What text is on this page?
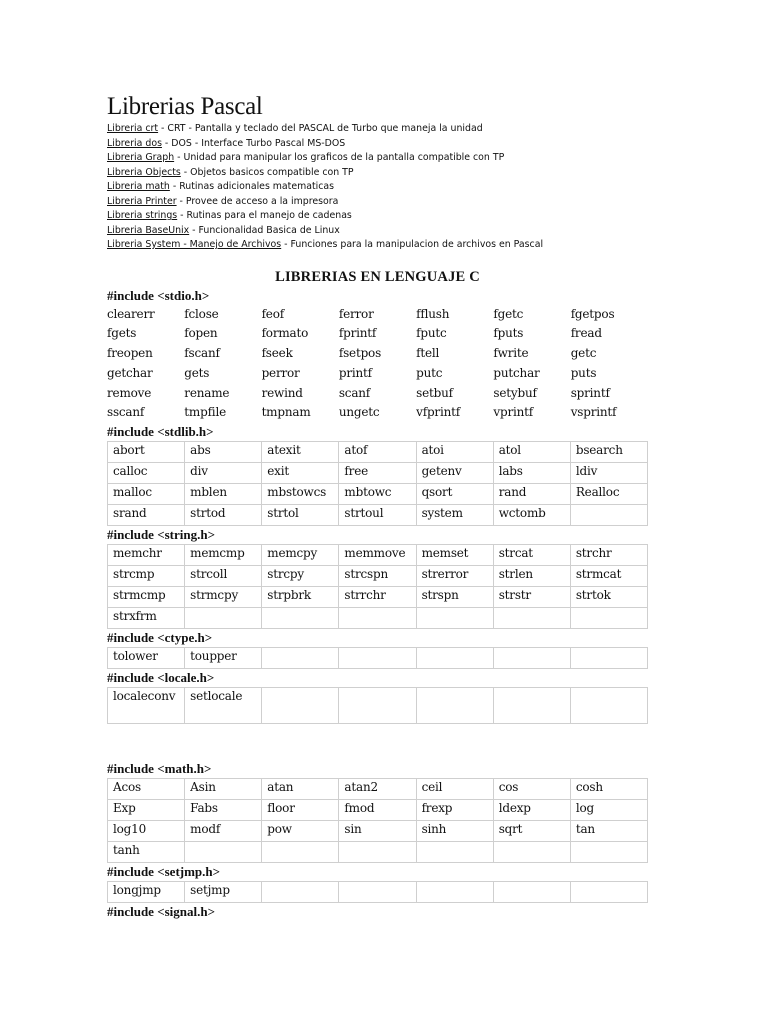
Librerias Pascal
Libreria crt - CRT - Pantalla y teclado del PASCAL de Turbo que maneja la unidad
Libreria dos - DOS - Interface Turbo Pascal MS-DOS
Libreria Graph - Unidad para manipular los graficos de la pantalla compatible con TP
Libreria Objects - Objetos basicos compatible con TP
Libreria math - Rutinas adicionales matematicas
Libreria Printer - Provee de acceso a la impresora
Libreria strings - Rutinas para el manejo de cadenas
Libreria BaseUnix - Funcionalidad Basica de Linux
Libreria System - Manejo de Archivos - Funciones para la manipulacion de archivos en Pascal
LIBRERIAS EN LENGUAJE C
#include <stdio.h>
clearerr	fclose	feof	ferror	fflush	fgetc	fgetpos
fgets	fopen	formato	fprintf	fputc	fputs	fread
freopen	fscanf	fseek	fsetpos	ftell	fwrite	getc
getchar	gets	perror	printf	putc	putchar	puts
remove	rename	rewind	scanf	setbuf	setybuf	sprintf
sscanf	tmpfile	tmpnam	ungetc	vfprintf	vprintf	vsprintf
#include <stdlib.h>
abort	abs	atexit	atof	atoi	atol	bsearch
calloc	div	exit	free	getenv	labs	ldiv
malloc	mblen	mbstowcs	mbtowc	qsort	rand	Realloc
srand	strtod	strtol	strtoul	system	wctomb	
#include <string.h>
memchr	memcmp	memcpy	memmove	memset	strcat	strchr
strcmp	strcoll	strcpy	strcspn	strerror	strlen	strmcat
strmcmp	strmcpy	strpbrk	strrchr	strspn	strstr	strtok
strxfrm						
#include <ctype.h>
tolower	toupper					
#include <locale.h>
localeconv	setlocale					
#include <math.h>
Acos	Asin	atan	atan2	ceil	cos	cosh
Exp	Fabs	floor	fmod	frexp	ldexp	log
log10	modf	pow	sin	sinh	sqrt	tan
tanh						
#include <setjmp.h>
longjmp	setjmp					
#include <signal.h>
